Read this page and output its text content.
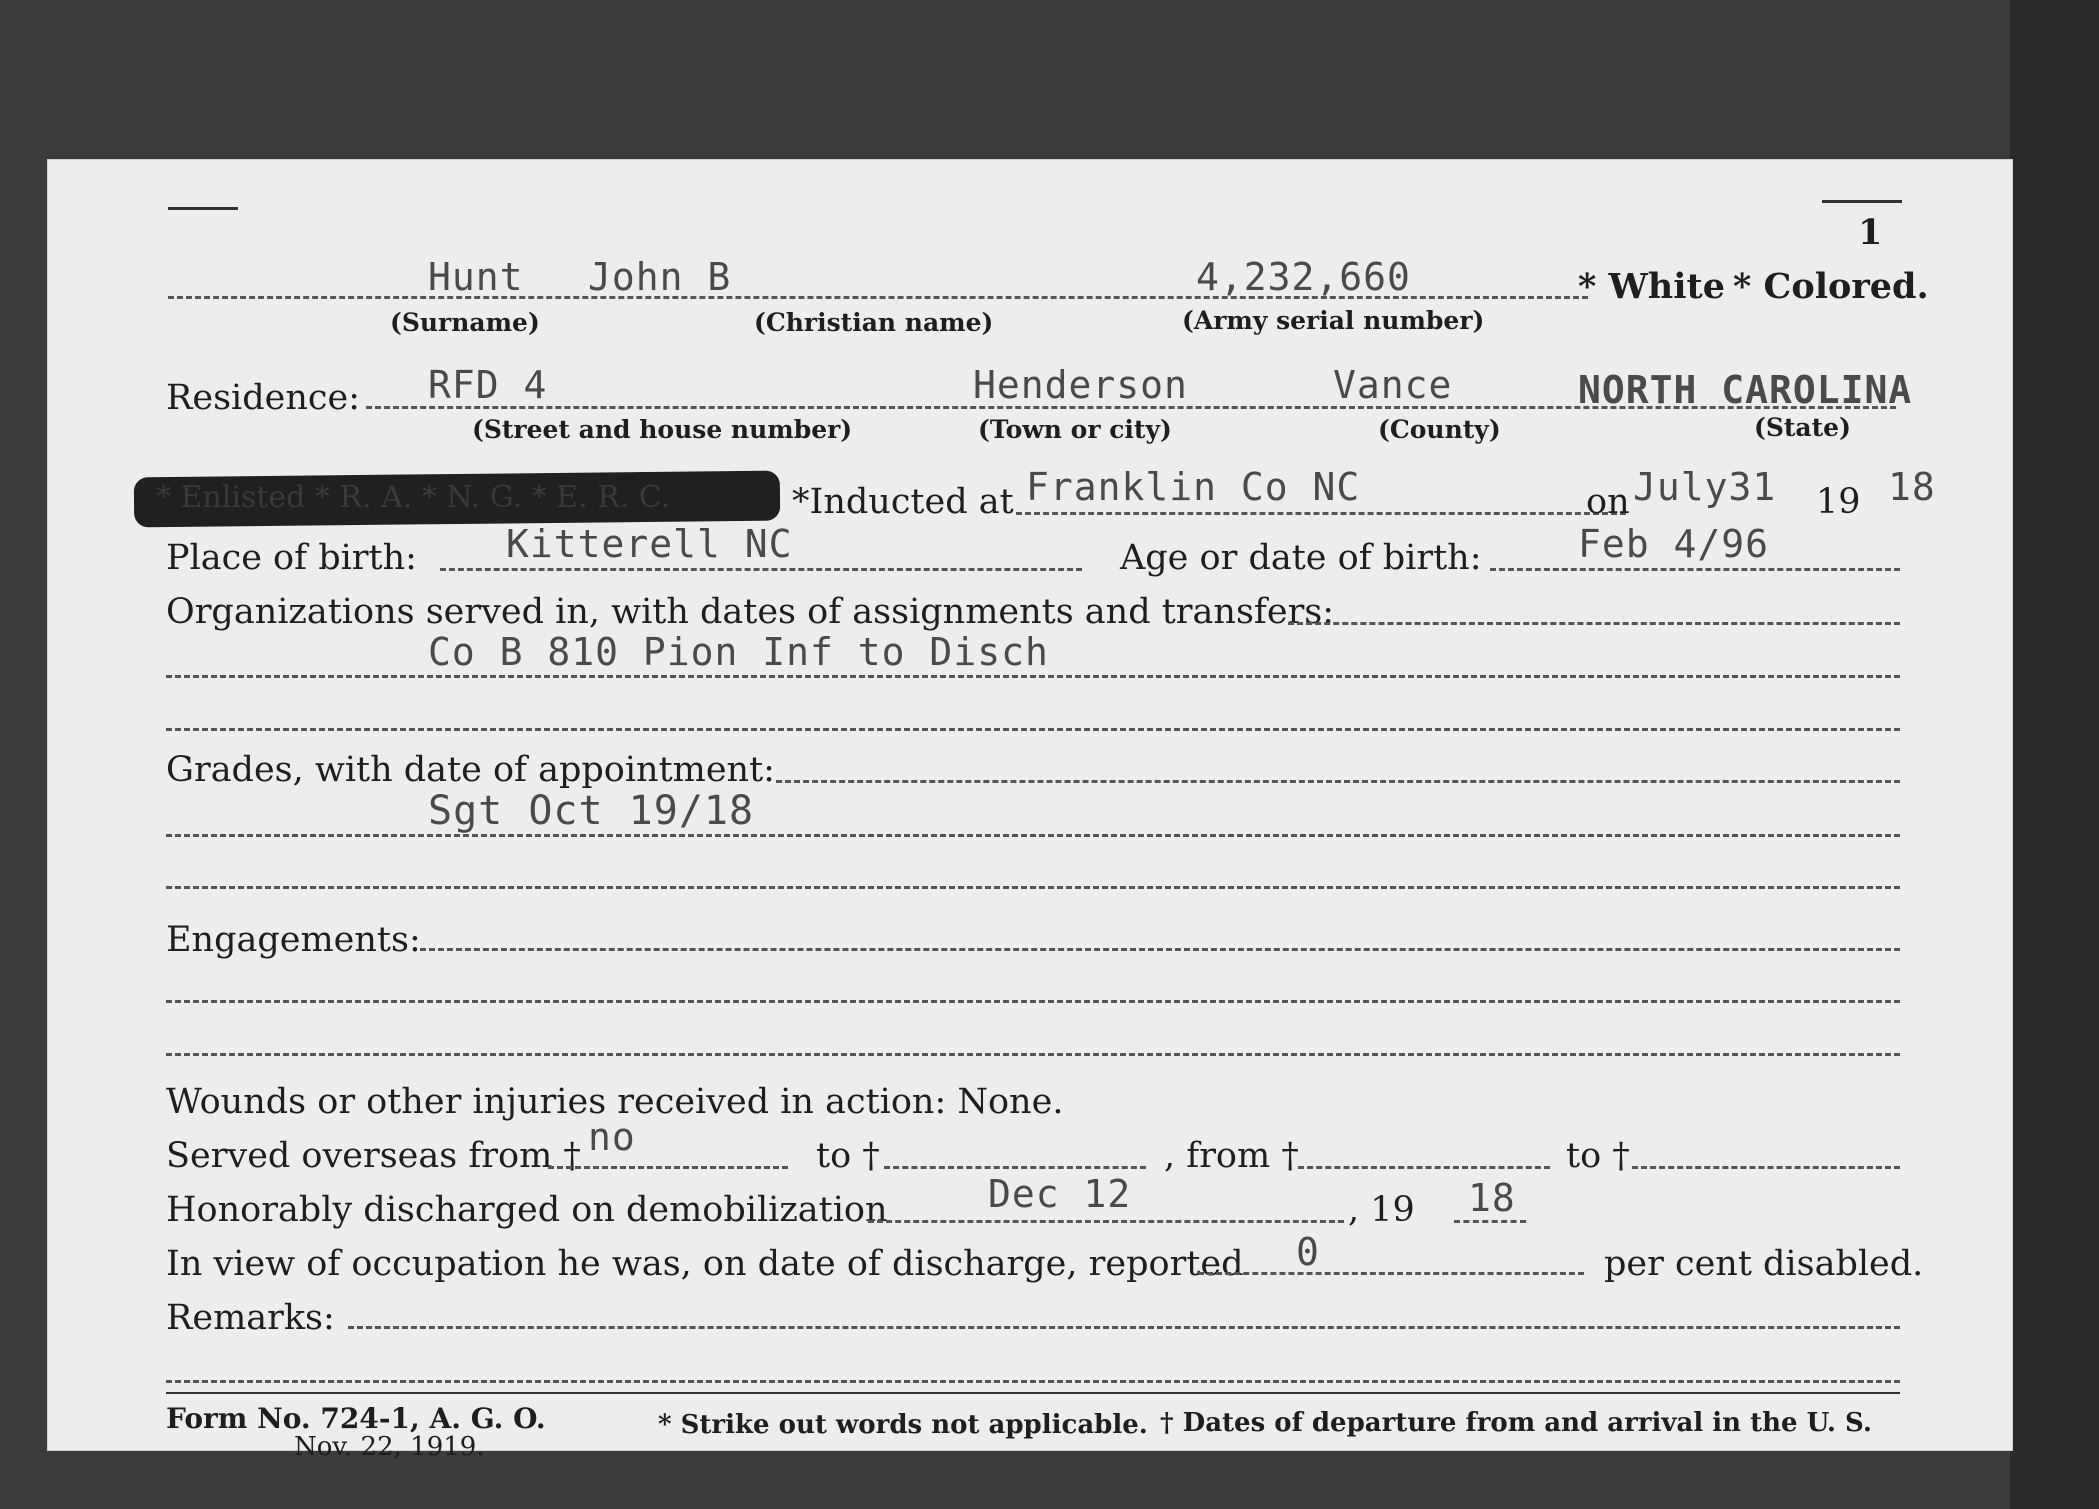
1
Hunt John B	4,232,660	* White * Colored.
(Surname)	(Christian name)	(Army serial number)
Residence: RFD 4	Henderson	Vance	NORTH CAROLINA
(Street and house number)	(Town or city)	(County)	(State)
* Enlisted * R. A. * N. G. * E. R. C.	*Inducted at Franklin Co NC	on July31 19 18
Place of birth: Kitterell NC	Age or date of birth:	Feb 4/96
Organizations served in, with dates of assignments and transfers:
Co B 810 Pion Inf to Disch
Grades, with date of appointment:
Sgt Oct 19/18
Engagements:
Wounds or other injuries received in action: None.
Served overseas from † no	to †	, from †	to †
Honorably discharged on demobilization	Dec 12	, 19 18
In view of occupation he was, on date of discharge, reported 0	per cent disabled.
Remarks:
Form No. 724-1, A. G. O.
Nov. 22, 1919.
* Strike out words not applicable. † Dates of departure from and arrival in the U. S.
